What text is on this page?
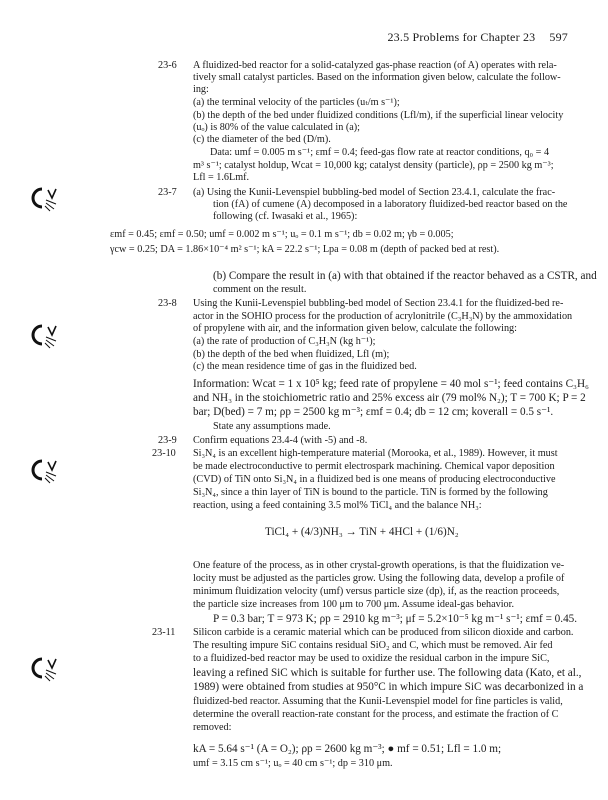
23.5 Problems for Chapter 23 597
23-6 A fluidized-bed reactor for a solid-catalyzed gas-phase reaction (of A) operates with rela-
tively small catalyst particles. Based on the information given below, calculate the follow-
ing:
(a) the terminal velocity of the particles (uₜ/m s⁻¹);
(b) the depth of the bed under fluidized conditions (Lfl/m), if the superficial linear velocity
(uₒ) is 80% of the value calculated in (a);
(c) the diameter of the bed (D/m).
Data: umf = 0.005 m s⁻¹; εmf = 0.4; feed-gas flow rate at reactor conditions, q₀ = 4
m³ s⁻¹; catalyst holdup, Wcat = 10,000 kg; catalyst density (particle), ρp = 2500 kg m⁻³;
Lfl = 1.6Lmf.
23-7 (a) Using the Kunii-Levenspiel bubbling-bed model of Section 23.4.1, calculate the frac-
tion (fA) of cumene (A) decomposed in a laboratory fluidized-bed reactor based on the
following (cf. Iwasaki et al., 1965):
εmf = 0.45; εmf = 0.50; umf = 0.002 m s⁻¹; uₒ = 0.1 m s⁻¹; db = 0.02 m; γb = 0.005;
γcw = 0.25; DA = 1.86×10⁻⁴ m² s⁻¹; kA = 22.2 s⁻¹; Lpa = 0.08 m (depth of packed bed at rest).
(b) Compare the result in (a) with that obtained if the reactor behaved as a CSTR, and
comment on the result.
23-8 Using the Kunii-Levenspiel bubbling-bed model of Section 23.4.1 for the fluidized-bed re-
actor in the SOHIO process for the production of acrylonitrile (C₃H₃N) by the ammoxidation
of propylene with air, and the information given below, calculate the following:
(a) the rate of production of C₃H₃N (kg h⁻¹);
(b) the depth of the bed when fluidized, Lfl (m);
(c) the mean residence time of gas in the fluidized bed.
Information: Wcat = 1 x 10⁵ kg; feed rate of propylene = 40 mol s⁻¹; feed contains C₃H₆
and NH₃ in the stoichiometric ratio and 25% excess air (79 mol% N₂); T = 700 K; P = 2
bar; D(bed) = 7 m; ρp = 2500 kg m⁻³; εmf = 0.4; db = 12 cm; koverall = 0.5 s⁻¹.
State any assumptions made.
23-9 Confirm equations 23.4-4 (with -5) and -8.
23-10 Si₃N₄ is an excellent high-temperature material (Morooka, et al., 1989). However, it must
be made electroconductive to permit electrospark machining. Chemical vapor deposition
(CVD) of TiN onto Si₃N₄ in a fluidized bed is one means of producing electroconductive
Si₃N₄, since a thin layer of TiN is bound to the particle. TiN is formed by the following
reaction, using a feed containing 3.5 mol% TiCl₄ and the balance NH₃:
TiCl₄ + (4/3)NH₃ → TiN + 4HCl + (1/6)N₂
One feature of the process, as in other crystal-growth operations, is that the fluidization ve-
locity must be adjusted as the particles grow. Using the following data, develop a profile of
minimum fluidization velocity (umf) versus particle size (dp), if, as the reaction proceeds,
the particle size increases from 100 μm to 700 μm. Assume ideal-gas behavior.
P = 0.3 bar; T = 973 K; ρp = 2910 kg m⁻³; μf = 5.2×10⁻⁵ kg m⁻¹ s⁻¹; εmf = 0.45.
23-11 Silicon carbide is a ceramic material which can be produced from silicon dioxide and carbon.
The resulting impure SiC contains residual SiO₂ and C, which must be removed. Air fed
to a fluidized-bed reactor may be used to oxidize the residual carbon in the impure SiC,
leaving a refined SiC which is suitable for further use. The following data (Kato, et al.,
1989) were obtained from studies at 950°C in which impure SiC was decarbonized in a
fluidized-bed reactor. Assuming that the Kunii-Levenspiel model for fine particles is valid,
determine the overall reaction-rate constant for the process, and estimate the fraction of C
removed:
kA = 5.64 s⁻¹ (A = O₂); ρp = 2600 kg m⁻³; ● mf = 0.51; Lfl = 1.0 m;
umf = 3.15 cm s⁻¹; uₒ = 40 cm s⁻¹; dp = 310 μm.
